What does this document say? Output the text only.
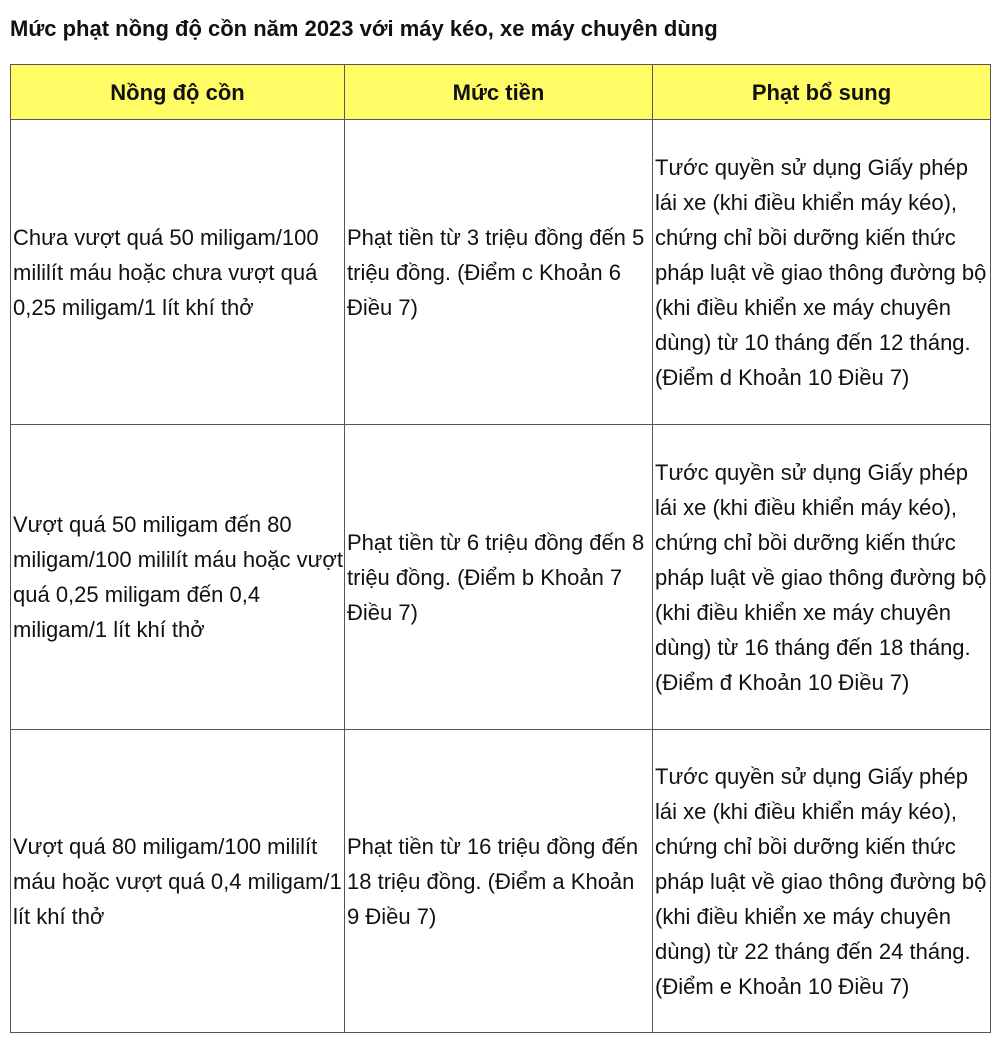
Mức phạt nồng độ cồn năm 2023 với máy kéo, xe máy chuyên dùng
Nồng độ cồn	Mức tiền	Phạt bổ sung
Chưa vượt quá 50 miligam/100 mililít máu hoặc chưa vượt quá 0,25 miligam/1 lít khí thở	Phạt tiền từ 3 triệu đồng đến 5 triệu đồng. (Điểm c Khoản 6 Điều 7)	Tước quyền sử dụng Giấy phép lái xe (khi điều khiển máy kéo), chứng chỉ bồi dưỡng kiến thức pháp luật về giao thông đường bộ (khi điều khiển xe máy chuyên dùng) từ 10 tháng đến 12 tháng. (Điểm d Khoản 10 Điều 7)
Vượt quá 50 miligam đến 80 miligam/100 mililít máu hoặc vượt quá 0,25 miligam đến 0,4 miligam/1 lít khí thở	Phạt tiền từ 6 triệu đồng đến 8 triệu đồng. (Điểm b Khoản 7 Điều 7)	Tước quyền sử dụng Giấy phép lái xe (khi điều khiển máy kéo), chứng chỉ bồi dưỡng kiến thức pháp luật về giao thông đường bộ (khi điều khiển xe máy chuyên dùng) từ 16 tháng đến 18 tháng. (Điểm đ Khoản 10 Điều 7)
Vượt quá 80 miligam/100 mililít máu hoặc vượt quá 0,4 miligam/1 lít khí thở	Phạt tiền từ 16 triệu đồng đến 18 triệu đồng. (Điểm a Khoản 9 Điều 7)	Tước quyền sử dụng Giấy phép lái xe (khi điều khiển máy kéo), chứng chỉ bồi dưỡng kiến thức pháp luật về giao thông đường bộ (khi điều khiển xe máy chuyên dùng) từ 22 tháng đến 24 tháng. (Điểm e Khoản 10 Điều 7)
